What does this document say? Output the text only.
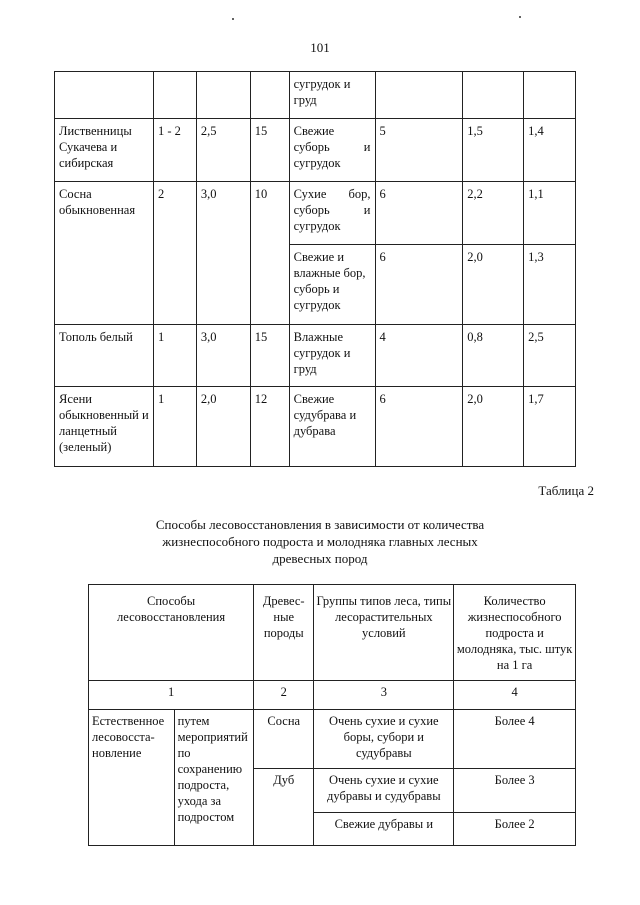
101
				сугрудок и груд			
Лиственницы Сукачева и сибирская	1 - 2	2,5	15	Свежие суборь и сугрудок	5	1,5	1,4
Сосна обыкновенная	2	3,0	10	Сухие бор, суборь и сугрудок	6	2,2	1,1
				Свежие и влажные бор, суборь и сугрудок	6	2,0	1,3
Тополь белый	1	3,0	15	Влажные сугрудок и груд	4	0,8	2,5
Ясени обыкновенный и ланцетный (зеленый)	1	2,0	12	Свежие судубрава и дубрава	6	2,0	1,7
Таблица 2
Способы лесовосстановления в зависимости от количества
жизнеспособного подроста и молодняка главных лесных
древесных пород
Способы лесовосстановления		Древес-ные породы	Группы типов леса, типы лесорастительных условий	Количество жизнеспособного подроста и молодняка, тыс. штук на 1 га
1		2	3	4
Естественное лесовосста-новление	путем мероприятий по сохранению подроста, ухода за подростом	Сосна	Очень сухие и сухие боры, субори и судубравы	Более 4
		Дуб	Очень сухие и сухие дубравы и судубравы	Более 3
			Свежие дубравы и	Более 2
